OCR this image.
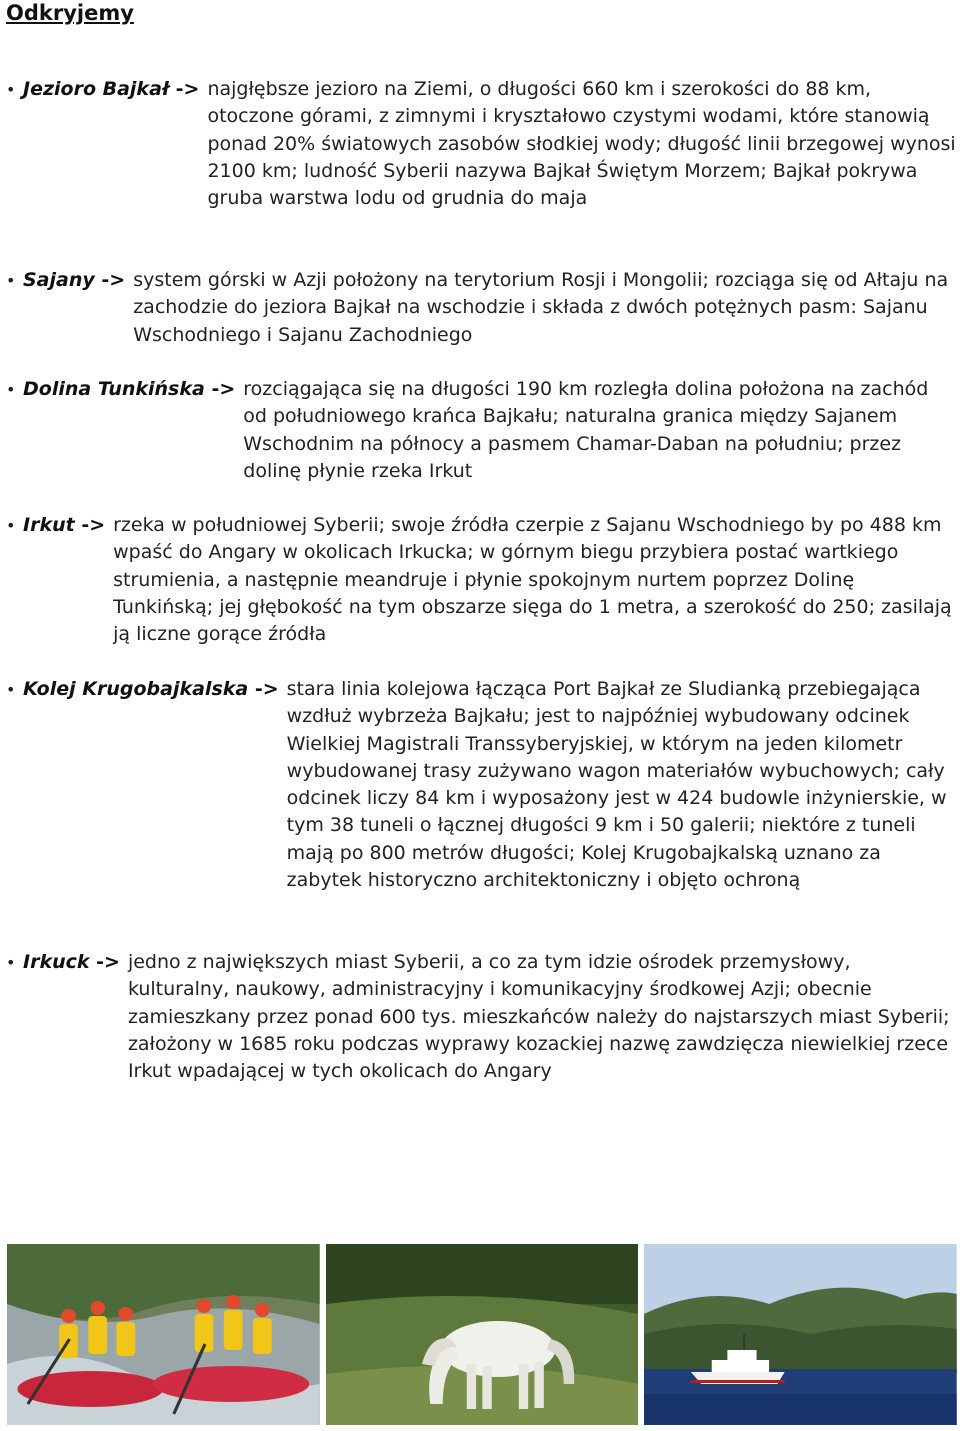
Odkryjemy
• Jezioro Bajkał -> najgłębsze jezioro na Ziemi, o długości 660 km i szerokości do 88 km, otoczone górami, z zimnymi i kryształowo czystymi wodami, które stanowią ponad 20% światowych zasobów słodkiej wody; długość linii brzegowej wynosi 2100 km; ludność Syberii nazywa Bajkał Świętym Morzem; Bajkał pokrywa gruba warstwa lodu od grudnia do maja
• Sajany -> system górski w Azji położony na terytorium Rosji i Mongolii; rozciąga się od Ałtaju na zachodzie do jeziora Bajkał na wschodzie i składa z dwóch potężnych pasm: Sajanu Wschodniego i Sajanu Zachodniego
• Dolina Tunkińska -> rozciągająca się na długości 190 km rozległa dolina położona na zachód od południowego krańca Bajkału; naturalna granica między Sajanem Wschodnim na północy a pasmem Chamar-Daban na południu; przez dolinę płynie rzeka Irkut
• Irkut -> rzeka w południowej Syberii; swoje źródła czerpie z Sajanu Wschodniego by po 488 km wpaść do Angary w okolicach Irkucka; w górnym biegu przybiera postać wartkiego strumienia, a następnie meandruje i płynie spokojnym nurtem poprzez Dolinę Tunkińską; jej głębokość na tym obszarze sięga do 1 metra, a szerokość do 250; zasilają ją liczne gorące źródła
• Kolej Krugobajkalska -> stara linia kolejowa łącząca Port Bajkał ze Sludianką przebiegająca wzdłuż wybrzeża Bajkału; jest to najpóźniej wybudowany odcinek Wielkiej Magistrali Transsyberyjskiej, w którym na jeden kilometr wybudowanej trasy zużywano wagon materiałów wybuchowych; cały odcinek liczy 84 km i wyposażony jest w 424 budowle inżynierskie, w tym 38 tuneli o łącznej długości 9 km i 50 galerii; niektóre z tuneli mają po 800 metrów długości; Kolej Krugobajkalską uznano za zabytek historyczno architektoniczny i objęto ochroną
• Irkuck -> jedno z największych miast Syberii, a co za tym idzie ośrodek przemysłowy, kulturalny, naukowy, administracyjny i komunikacyjny środkowej Azji; obecnie zamieszkany przez ponad 600 tys. mieszkańców należy do najstarszych miast Syberii; założony w 1685 roku podczas wyprawy kozackiej nazwę zawdzięcza niewielkiej rzece Irkut wpadającej w tych okolicach do Angary
